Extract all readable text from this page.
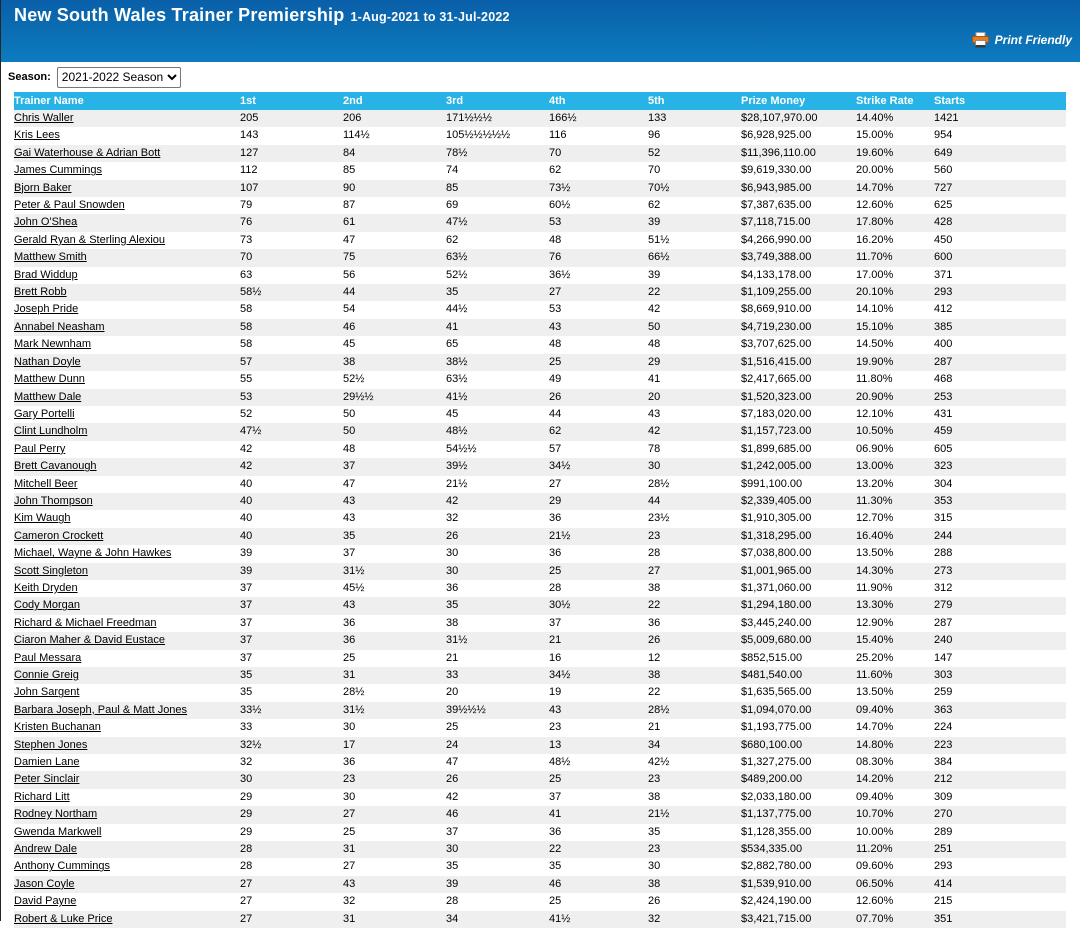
New South Wales Trainer Premiership 1-Aug-2021 to 31-Jul-2022
Print Friendly
Season:
2021-2022 Season
Trainer Name	1st	2nd	3rd	4th	5th	Prize Money	Strike Rate	Starts
Chris Waller	205	206	171½½½	166½	133	$28,107,970.00	14.40%	1421
Kris Lees	143	114½	105½½½½½	116	96	$6,928,925.00	15.00%	954
Gai Waterhouse & Adrian Bott	127	84	78½	70	52	$11,396,110.00	19.60%	649
James Cummings	112	85	74	62	70	$9,619,330.00	20.00%	560
Bjorn Baker	107	90	85	73½	70½	$6,943,985.00	14.70%	727
Peter & Paul Snowden	79	87	69	60½	62	$7,387,635.00	12.60%	625
John O'Shea	76	61	47½	53	39	$7,118,715.00	17.80%	428
Gerald Ryan & Sterling Alexiou	73	47	62	48	51½	$4,266,990.00	16.20%	450
Matthew Smith	70	75	63½	76	66½	$3,749,388.00	11.70%	600
Brad Widdup	63	56	52½	36½	39	$4,133,178.00	17.00%	371
Brett Robb	58½	44	35	27	22	$1,109,255.00	20.10%	293
Joseph Pride	58	54	44½	53	42	$8,669,910.00	14.10%	412
Annabel Neasham	58	46	41	43	50	$4,719,230.00	15.10%	385
Mark Newnham	58	45	65	48	48	$3,707,625.00	14.50%	400
Nathan Doyle	57	38	38½	25	29	$1,516,415.00	19.90%	287
Matthew Dunn	55	52½	63½	49	41	$2,417,665.00	11.80%	468
Matthew Dale	53	29½½	41½	26	20	$1,520,323.00	20.90%	253
Gary Portelli	52	50	45	44	43	$7,183,020.00	12.10%	431
Clint Lundholm	47½	50	48½	62	42	$1,157,723.00	10.50%	459
Paul Perry	42	48	54½½	57	78	$1,899,685.00	06.90%	605
Brett Cavanough	42	37	39½	34½	30	$1,242,005.00	13.00%	323
Mitchell Beer	40	47	21½	27	28½	$991,100.00	13.20%	304
John Thompson	40	43	42	29	44	$2,339,405.00	11.30%	353
Kim Waugh	40	43	32	36	23½	$1,910,305.00	12.70%	315
Cameron Crockett	40	35	26	21½	23	$1,318,295.00	16.40%	244
Michael, Wayne & John Hawkes	39	37	30	36	28	$7,038,800.00	13.50%	288
Scott Singleton	39	31½	30	25	27	$1,001,965.00	14.30%	273
Keith Dryden	37	45½	36	28	38	$1,371,060.00	11.90%	312
Cody Morgan	37	43	35	30½	22	$1,294,180.00	13.30%	279
Richard & Michael Freedman	37	36	38	37	36	$3,445,240.00	12.90%	287
Ciaron Maher & David Eustace	37	36	31½	21	26	$5,009,680.00	15.40%	240
Paul Messara	37	25	21	16	12	$852,515.00	25.20%	147
Connie Greig	35	31	33	34½	38	$481,540.00	11.60%	303
John Sargent	35	28½	20	19	22	$1,635,565.00	13.50%	259
Barbara Joseph, Paul & Matt Jones	33½	31½	39½½½	43	28½	$1,094,070.00	09.40%	363
Kristen Buchanan	33	30	25	23	21	$1,193,775.00	14.70%	224
Stephen Jones	32½	17	24	13	34	$680,100.00	14.80%	223
Damien Lane	32	36	47	48½	42½	$1,327,275.00	08.30%	384
Peter Sinclair	30	23	26	25	23	$489,200.00	14.20%	212
Richard Litt	29	30	42	37	38	$2,033,180.00	09.40%	309
Rodney Northam	29	27	46	41	21½	$1,137,775.00	10.70%	270
Gwenda Markwell	29	25	37	36	35	$1,128,355.00	10.00%	289
Andrew Dale	28	31	30	22	23	$534,335.00	11.20%	251
Anthony Cummings	28	27	35	35	30	$2,882,780.00	09.60%	293
Jason Coyle	27	43	39	46	38	$1,539,910.00	06.50%	414
David Payne	27	32	28	25	26	$2,424,190.00	12.60%	215
Robert & Luke Price	27	31	34	41½	32	$3,421,715.00	07.70%	351
